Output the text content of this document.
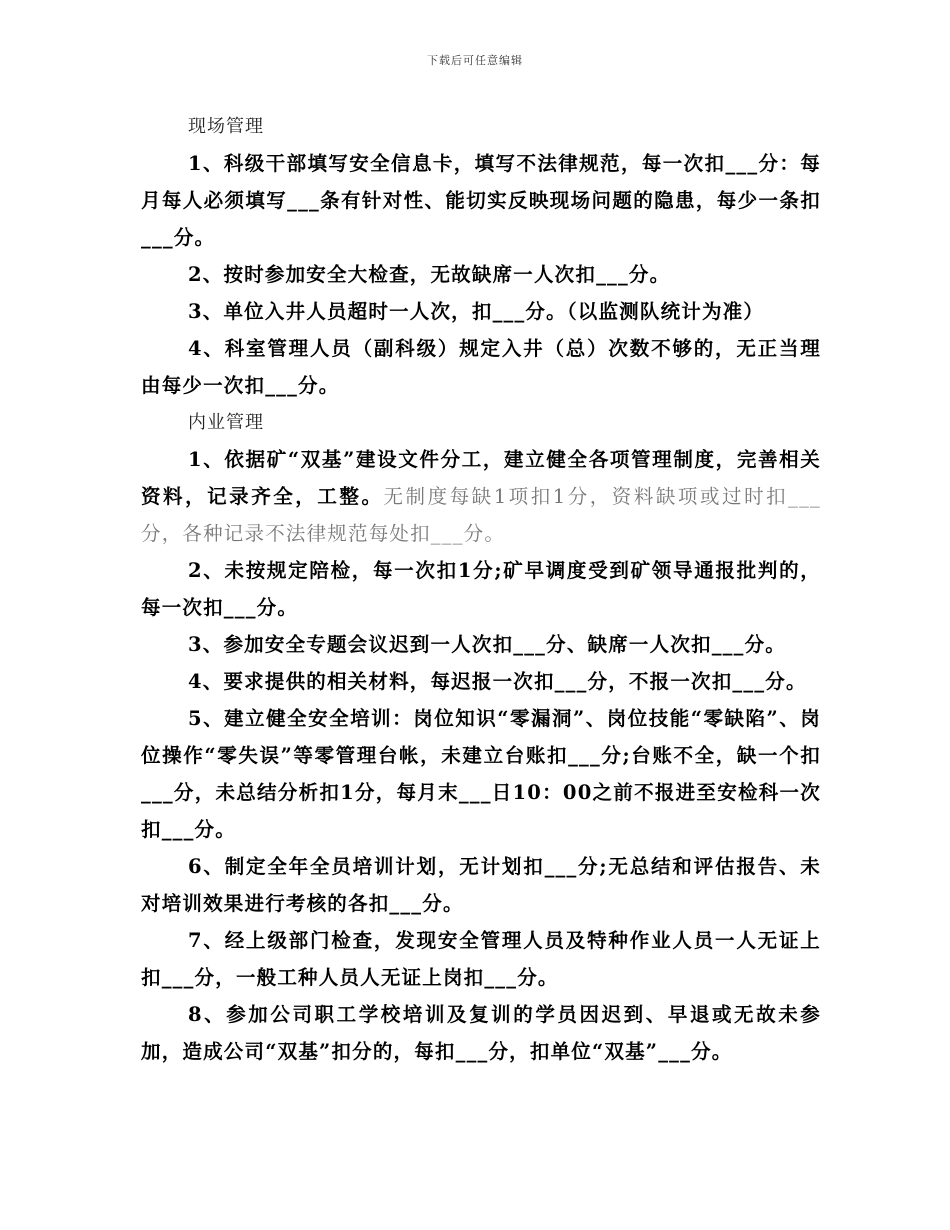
下载后可任意编辑
现场管理
1、科级干部填写安全信息卡，填写不法律规范，每一次扣___分：每月每人必须填写___条有针对性、能切实反映现场问题的隐患，每少一条扣___分。
2、按时参加安全大检查，无故缺席一人次扣___分。
3、单位入井人员超时一人次，扣___分。（以监测队统计为准）
4、科室管理人员（副科级）规定入井（总）次数不够的，无正当理由每少一次扣___分。
内业管理
1、依据矿“双基”建设文件分工，建立健全各项管理制度，完善相关资料，记录齐全，工整。无制度每缺1项扣1分，资料缺项或过时扣___分，各种记录不法律规范每处扣___分。
2、未按规定陪检，每一次扣1分;矿早调度受到矿领导通报批判的，每一次扣___分。
3、参加安全专题会议迟到一人次扣___分、缺席一人次扣___分。
4、要求提供的相关材料，每迟报一次扣___分，不报一次扣___分。
5、建立健全安全培训：岗位知识“零漏洞”、岗位技能“零缺陷”、岗位操作“零失误”等零管理台帐，未建立台账扣___分;台账不全，缺一个扣___分，未总结分析扣1分，每月末___日10：00之前不报进至安检科一次扣___分。
6、制定全年全员培训计划，无计划扣___分;无总结和评估报告、未对培训效果进行考核的各扣___分。
7、经上级部门检查，发现安全管理人员及特种作业人员一人无证上扣___分，一般工种人员人无证上岗扣___分。
8、参加公司职工学校培训及复训的学员因迟到、早退或无故未参加，造成公司“双基”扣分的，每扣___分，扣单位“双基”___分。
